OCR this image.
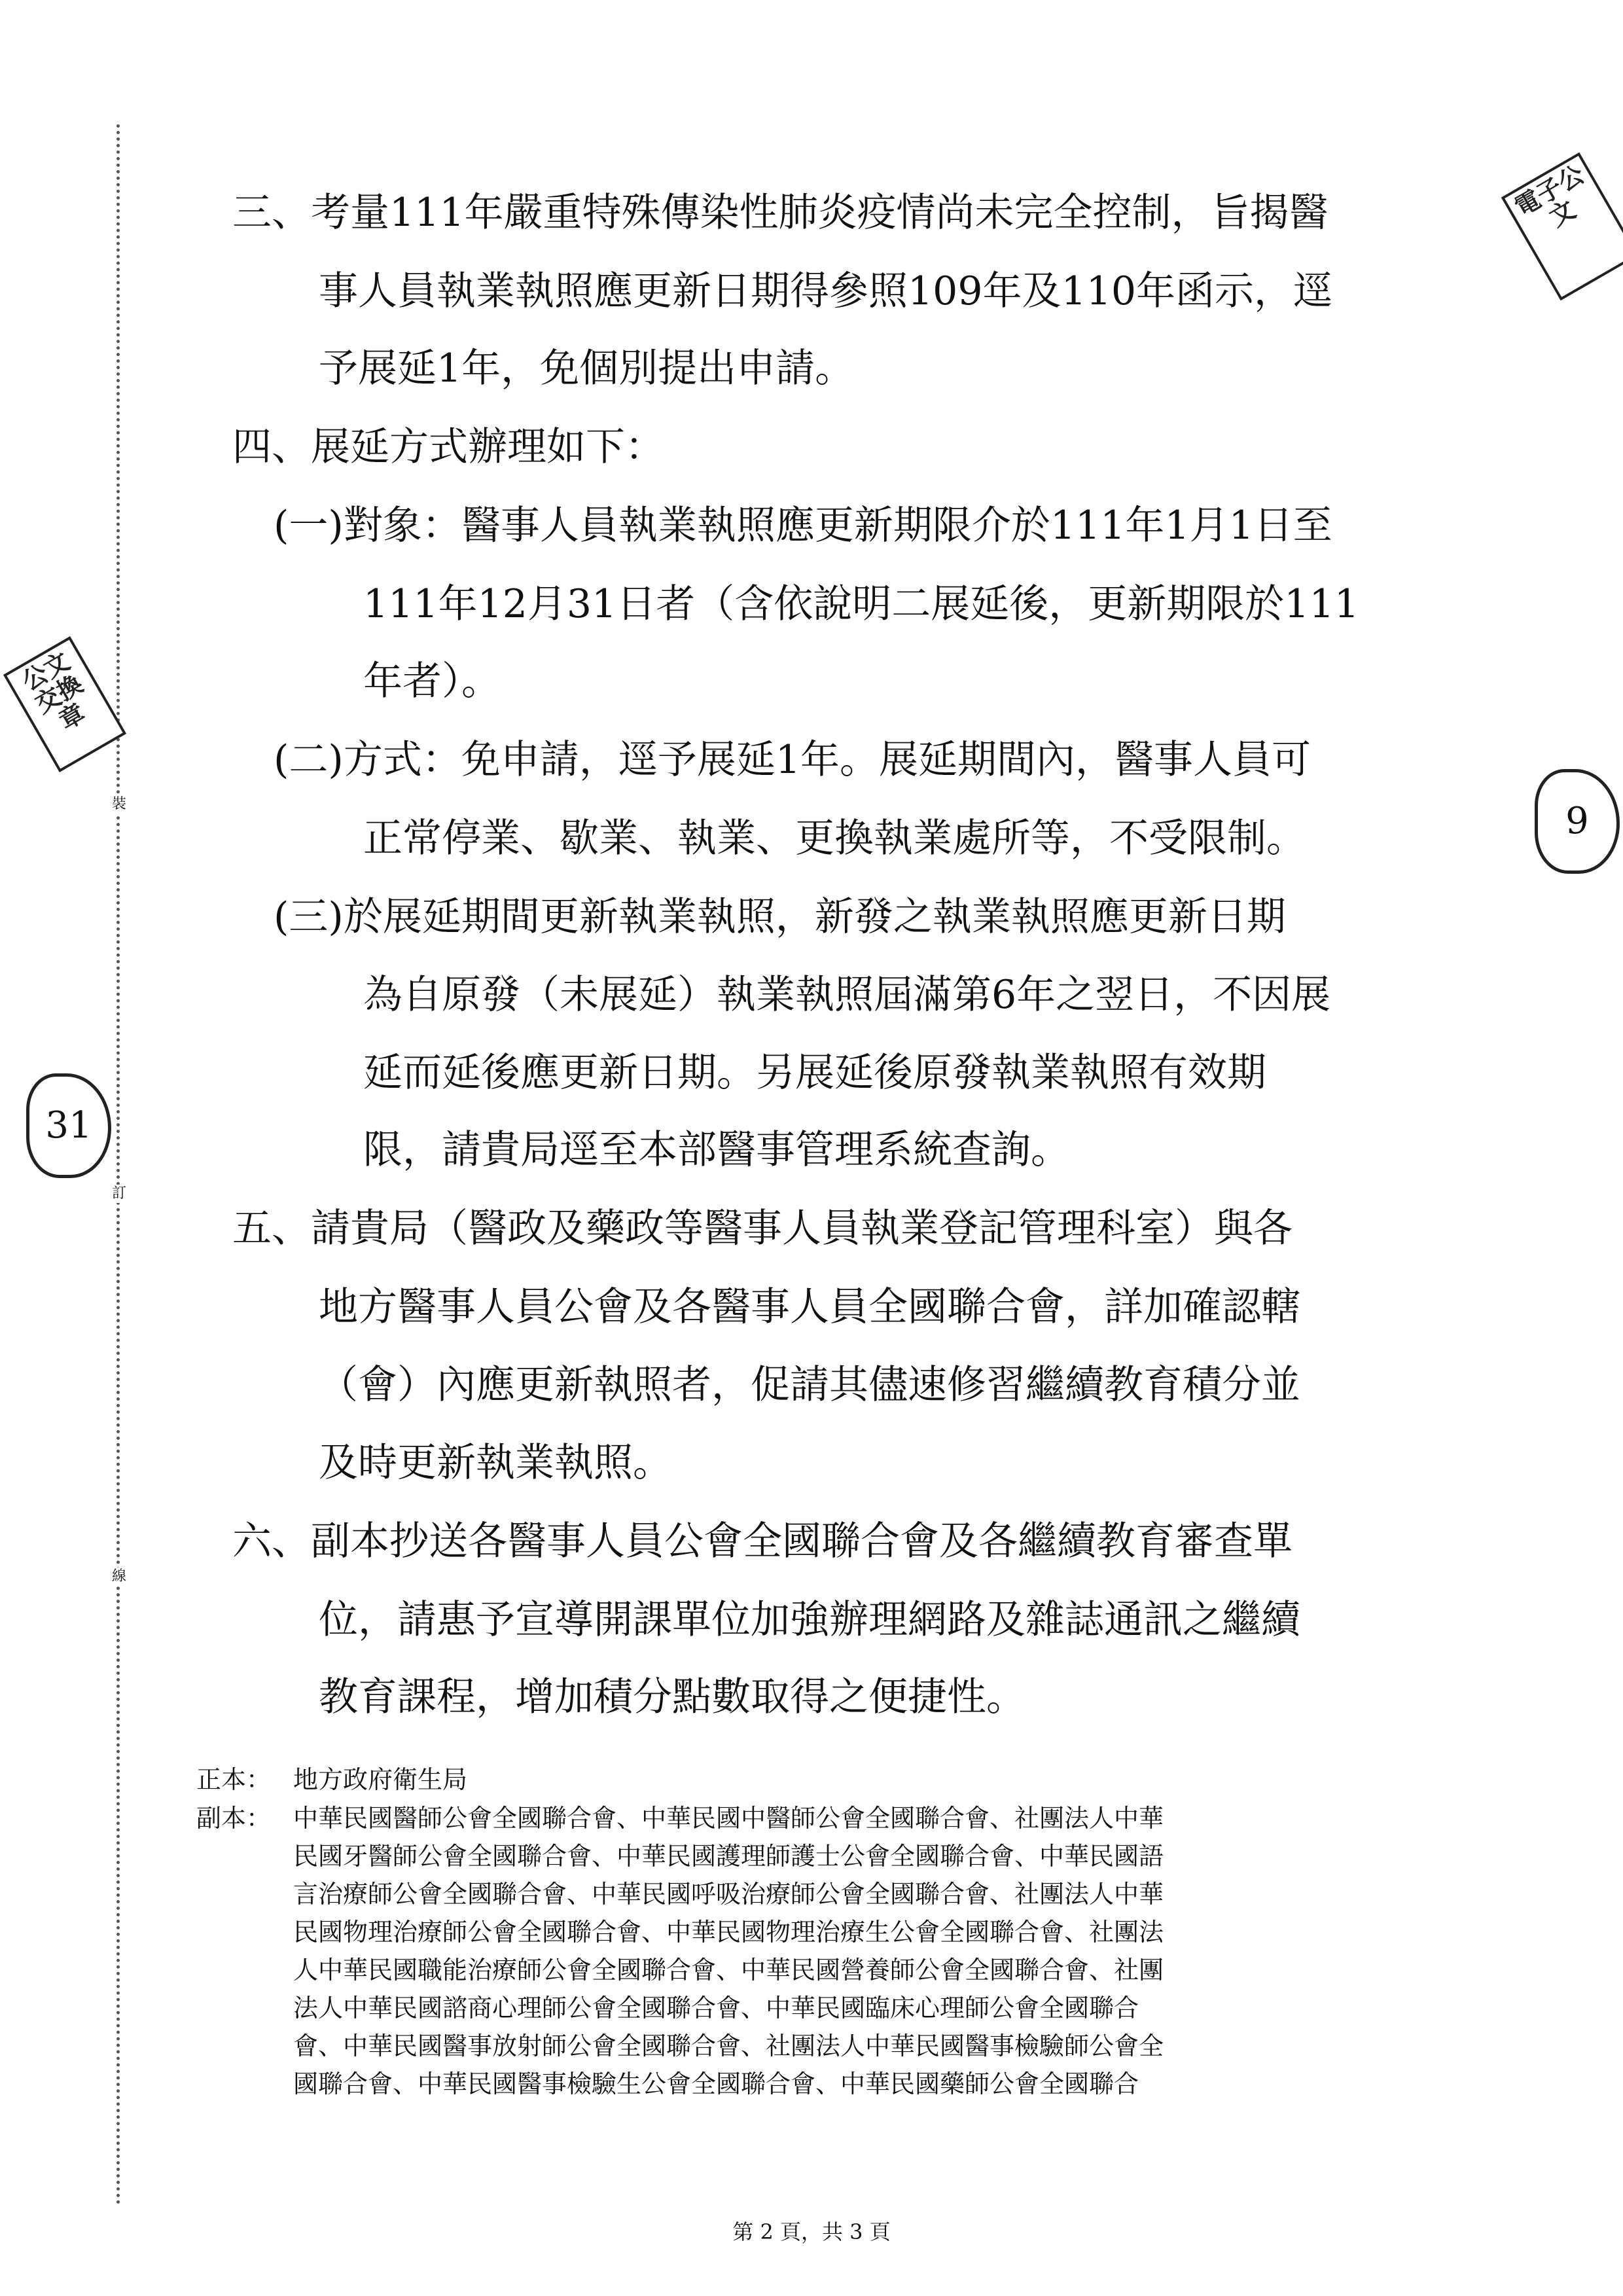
裝
訂
線
公文交換章
電子公文
31
9
三、考量111年嚴重特殊傳染性肺炎疫情尚未完全控制，旨揭醫
事人員執業執照應更新日期得參照109年及110年函示，逕
予展延1年，免個別提出申請。
四、展延方式辦理如下：
(一)對象：醫事人員執業執照應更新期限介於111年1月1日至
111年12月31日者（含依說明二展延後，更新期限於111
年者）。
(二)方式：免申請，逕予展延1年。展延期間內，醫事人員可
正常停業、歇業、執業、更換執業處所等，不受限制。
(三)於展延期間更新執業執照，新發之執業執照應更新日期
為自原發（未展延）執業執照屆滿第6年之翌日，不因展
延而延後應更新日期。另展延後原發執業執照有效期
限，請貴局逕至本部醫事管理系統查詢。
五、請貴局（醫政及藥政等醫事人員執業登記管理科室）與各
地方醫事人員公會及各醫事人員全國聯合會，詳加確認轄
（會）內應更新執照者，促請其儘速修習繼續教育積分並
及時更新執業執照。
六、副本抄送各醫事人員公會全國聯合會及各繼續教育審查單
位，請惠予宣導開課單位加強辦理網路及雜誌通訊之繼續
教育課程，增加積分點數取得之便捷性。
正本： 地方政府衛生局
副本： 中華民國醫師公會全國聯合會、中華民國中醫師公會全國聯合會、社團法人中華
民國牙醫師公會全國聯合會、中華民國護理師護士公會全國聯合會、中華民國語
言治療師公會全國聯合會、中華民國呼吸治療師公會全國聯合會、社團法人中華
民國物理治療師公會全國聯合會、中華民國物理治療生公會全國聯合會、社團法
人中華民國職能治療師公會全國聯合會、中華民國營養師公會全國聯合會、社團
法人中華民國諮商心理師公會全國聯合會、中華民國臨床心理師公會全國聯合
會、中華民國醫事放射師公會全國聯合會、社團法人中華民國醫事檢驗師公會全
國聯合會、中華民國醫事檢驗生公會全國聯合會、中華民國藥師公會全國聯合
第 2 頁，共 3 頁
